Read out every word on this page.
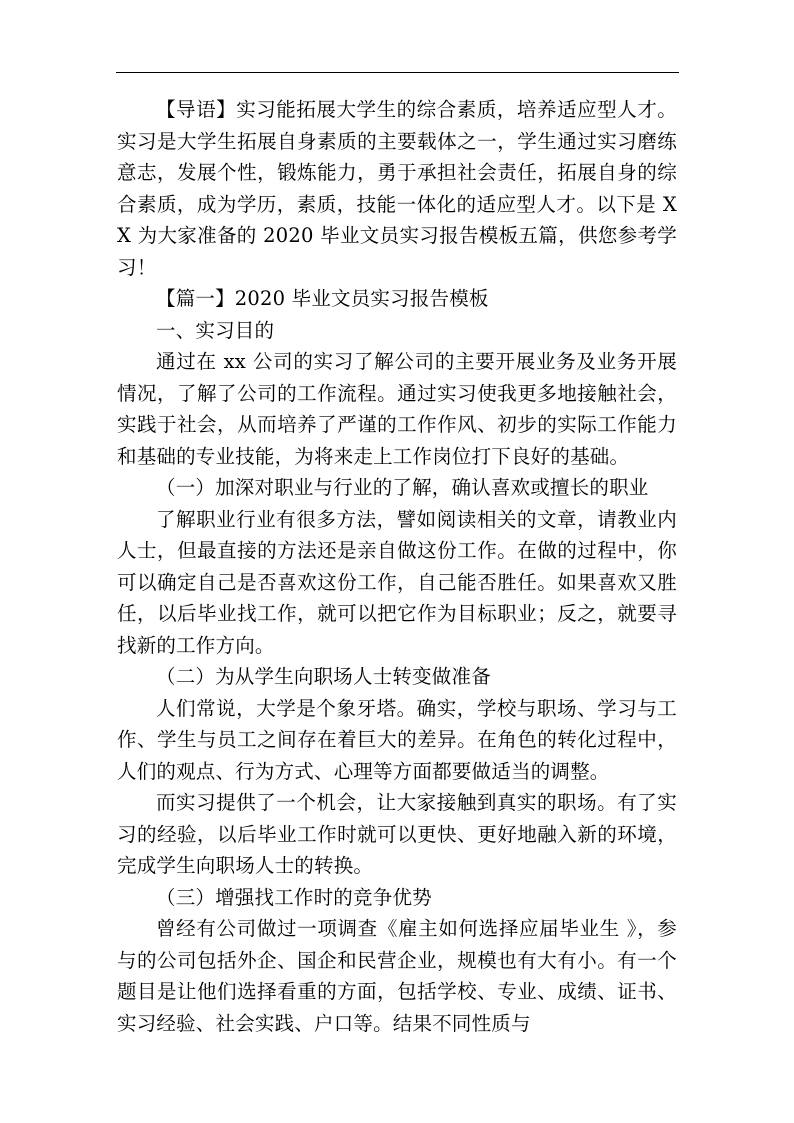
【导语】实习能拓展大学生的综合素质，培养适应型人才。实习是大学生拓展自身素质的主要载体之一，学生通过实习磨练意志，发展个性，锻炼能力，勇于承担社会责任，拓展自身的综合素质，成为学历，素质，技能一体化的适应型人才。以下是 XX 为大家准备的 2020 毕业文员实习报告模板五篇，供您参考学习！

【篇一】2020 毕业文员实习报告模板

一、实习目的

通过在 xx 公司的实习了解公司的主要开展业务及业务开展情况，了解了公司的工作流程。通过实习使我更多地接触社会，实践于社会，从而培养了严谨的工作作风、初步的实际工作能力和基础的专业技能，为将来走上工作岗位打下良好的基础。

（一）加深对职业与行业的了解，确认喜欢或擅长的职业

了解职业行业有很多方法，譬如阅读相关的文章，请教业内人士，但最直接的方法还是亲自做这份工作。在做的过程中，你可以确定自己是否喜欢这份工作，自己能否胜任。如果喜欢又胜任，以后毕业找工作，就可以把它作为目标职业；反之，就要寻找新的工作方向。

（二）为从学生向职场人士转变做准备

人们常说，大学是个象牙塔。确实，学校与职场、学习与工作、学生与员工之间存在着巨大的差异。在角色的转化过程中，人们的观点、行为方式、心理等方面都要做适当的调整。

而实习提供了一个机会，让大家接触到真实的职场。有了实习的经验，以后毕业工作时就可以更快、更好地融入新的环境，完成学生向职场人士的转换。

（三）增强找工作时的竞争优势

曾经有公司做过一项调查《雇主如何选择应届毕业生 》，参与的公司包括外企、国企和民营企业，规模也有大有小。有一个题目是让他们选择看重的方面，包括学校、专业、成绩、证书、实习经验、社会实践、户口等。结果不同性质与
